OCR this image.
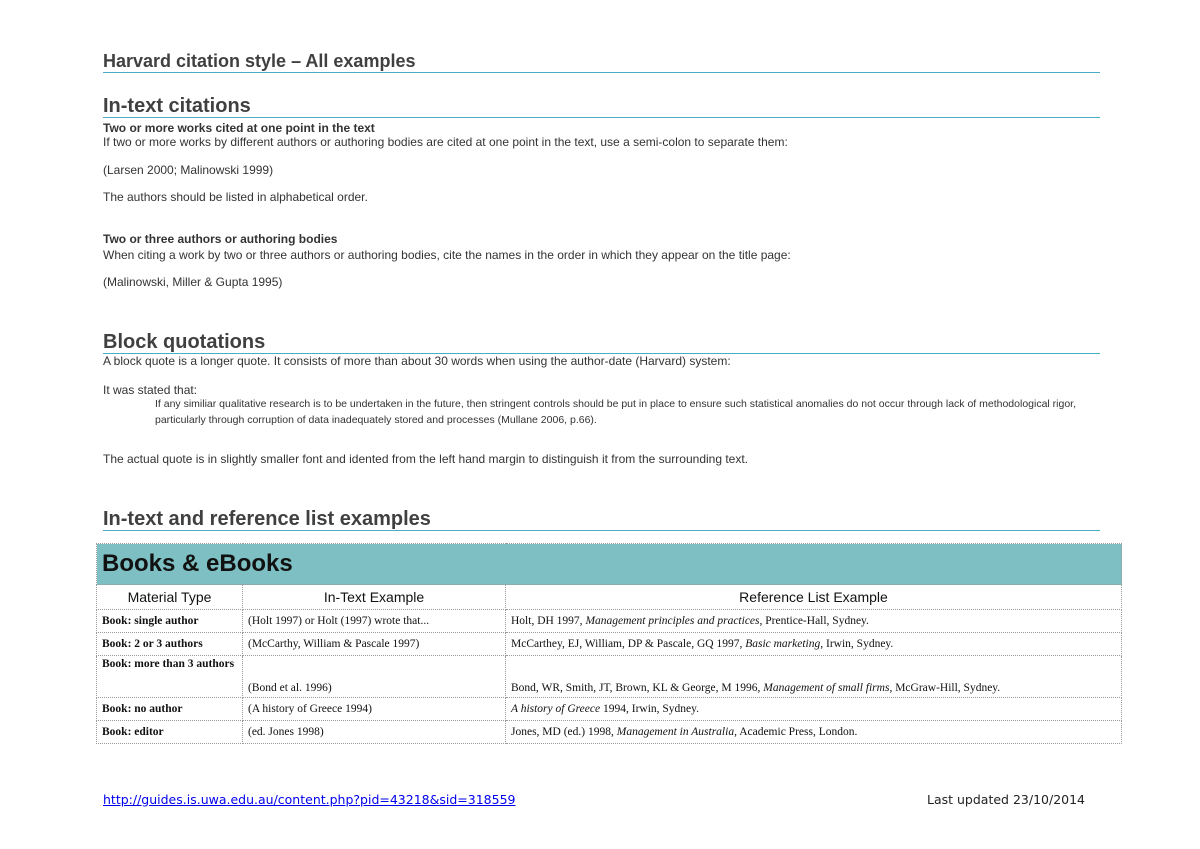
Harvard citation style – All examples
In-text citations
Two or more works cited at one point in the text
If two or more works by different authors or authoring bodies are cited at one point in the text, use a semi-colon to separate them:
(Larsen 2000; Malinowski 1999)
The authors should be listed in alphabetical order.
Two or three authors or authoring bodies
When citing a work by two or three authors or authoring bodies, cite the names in the order in which they appear on the title page:
(Malinowski, Miller & Gupta 1995)
Block quotations
A block quote is a longer quote. It consists of more than about 30 words when using the author-date (Harvard) system:
It was stated that:
If any similiar qualitative research is to be undertaken in the future, then stringent controls should be put in place to ensure such statistical anomalies do not occur through lack of methodological rigor, particularly through corruption of data inadequately stored and processes (Mullane 2006, p.66).
The actual quote is in slightly smaller font and idented from the left hand margin to distinguish it from the surrounding text.
In-text and reference list examples
Books & eBooks		
Material Type	In-Text Example	Reference List Example
Book: single author	(Holt 1997) or Holt (1997) wrote that...	Holt, DH 1997, Management principles and practices, Prentice-Hall, Sydney.
Book: 2 or 3 authors	(McCarthy, William & Pascale 1997)	McCarthey, EJ, William, DP & Pascale, GQ 1997, Basic marketing, Irwin, Sydney.
Book: more than 3 authors	(Bond et al. 1996)	Bond, WR, Smith, JT, Brown, KL & George, M 1996, Management of small firms, McGraw-Hill, Sydney.
Book: no author	(A history of Greece 1994)	A history of Greece 1994, Irwin, Sydney.
Book: editor	(ed. Jones 1998)	Jones, MD (ed.) 1998, Management in Australia, Academic Press, London.
http://guides.is.uwa.edu.au/content.php?pid=43218&sid=318559	Last updated 23/10/2014
